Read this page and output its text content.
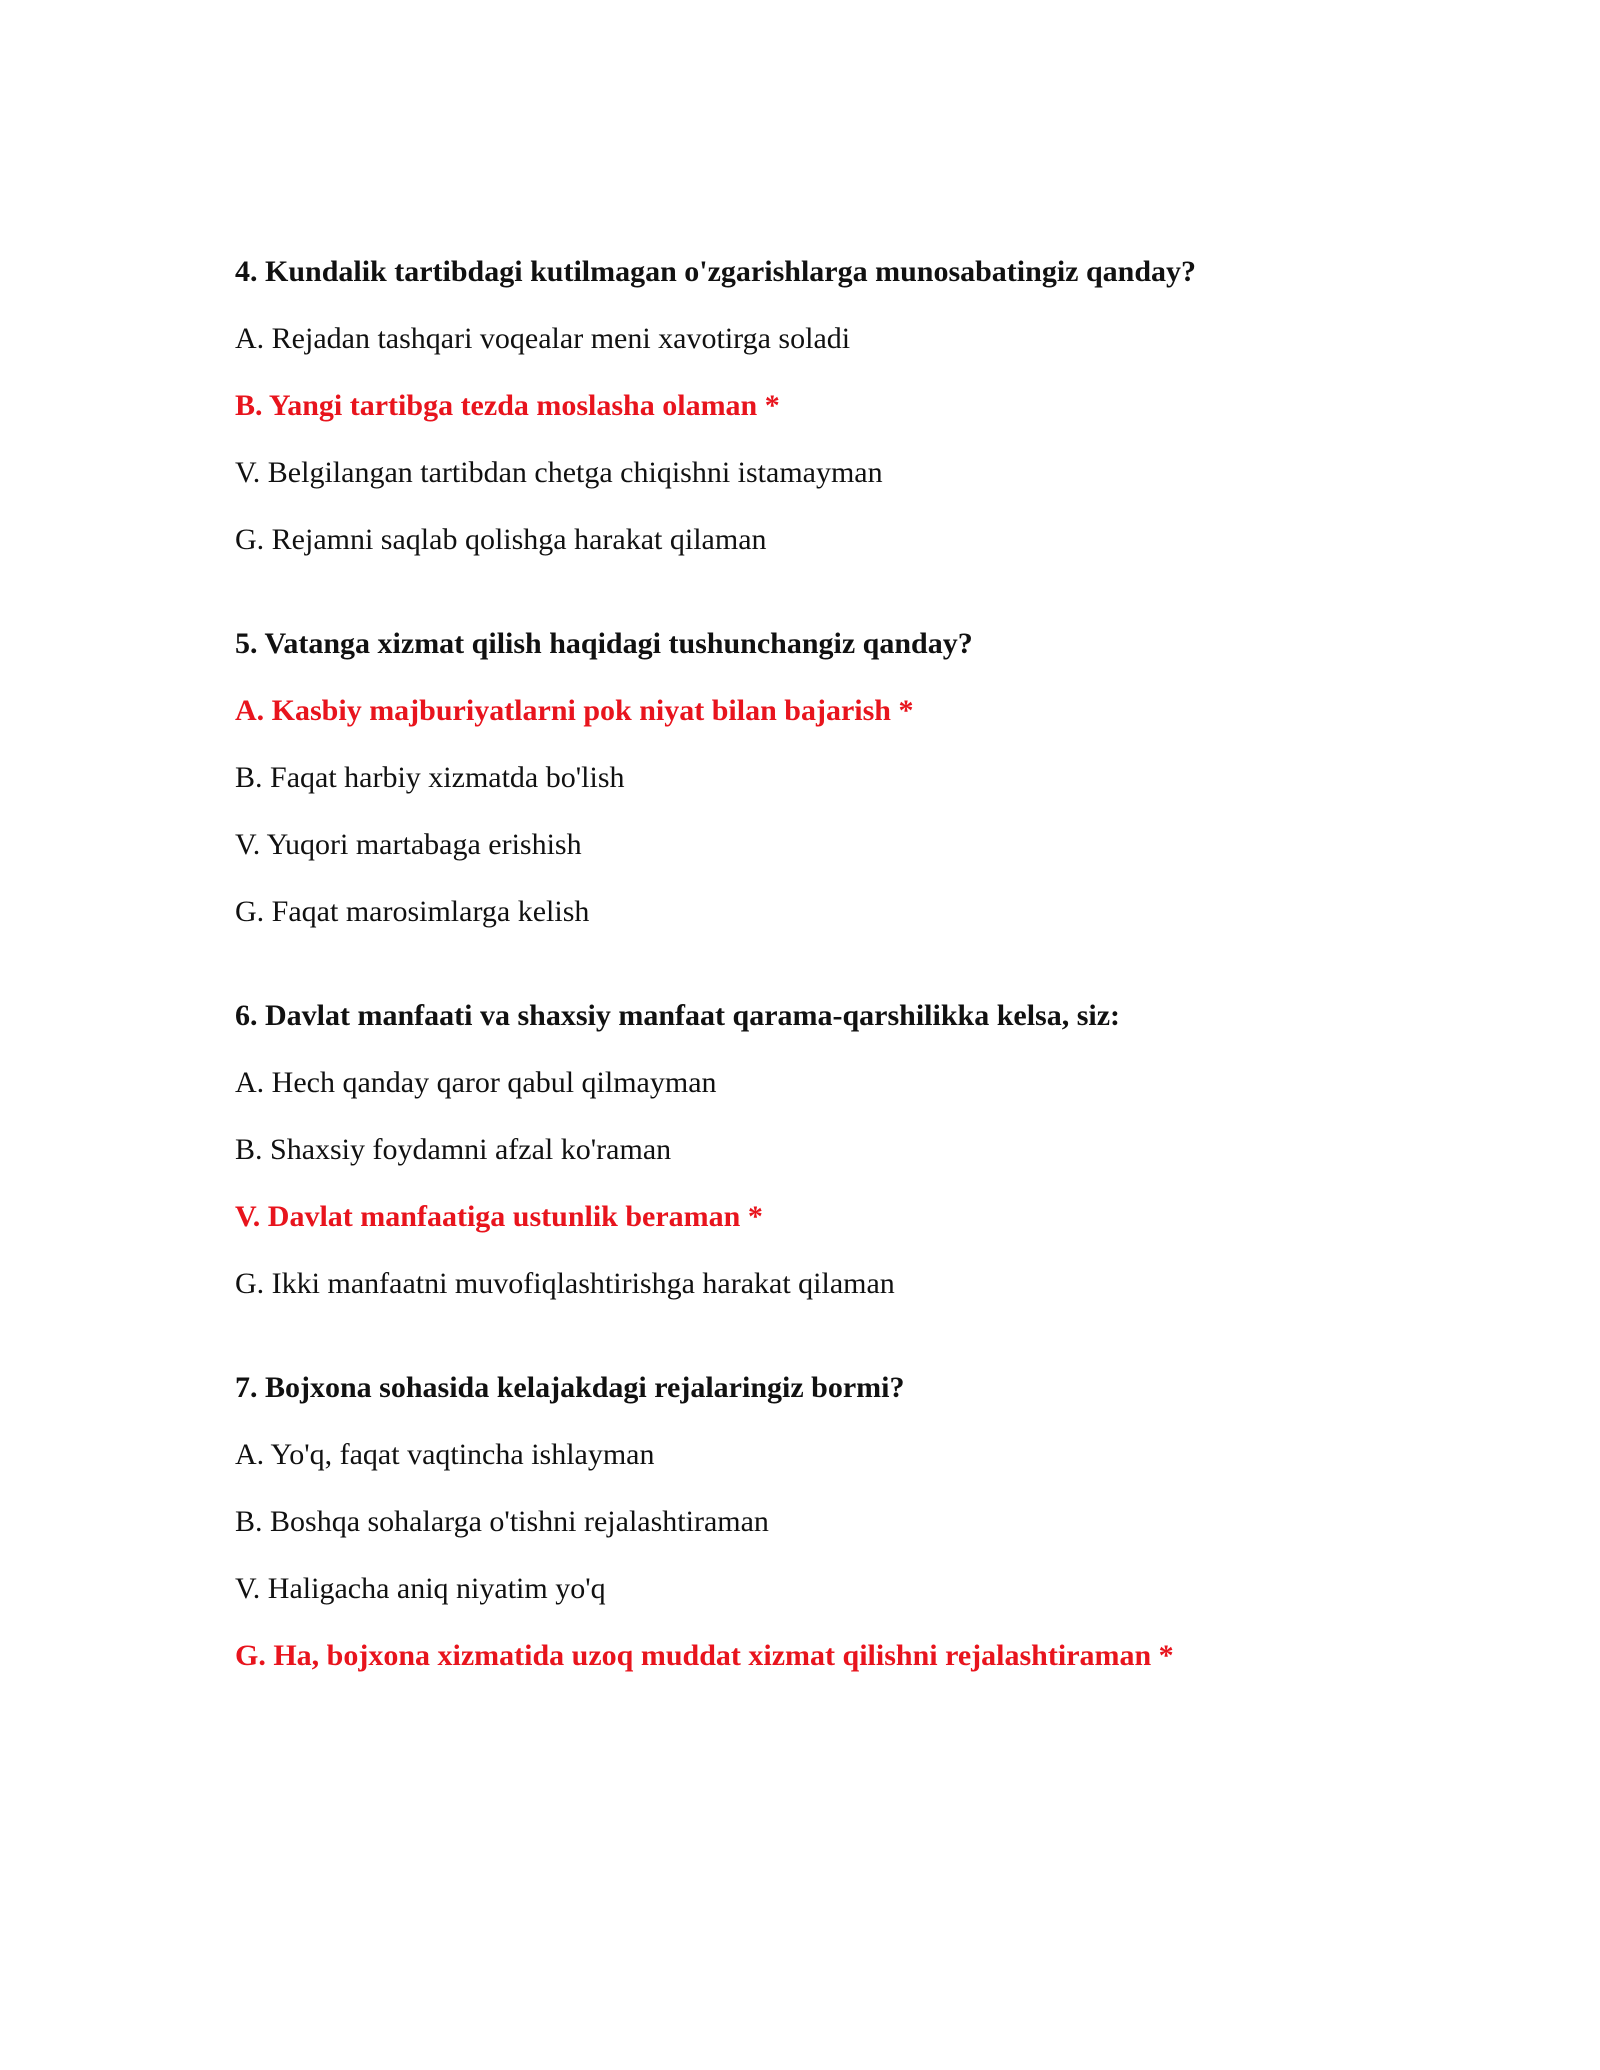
4. Kundalik tartibdagi kutilmagan o'zgarishlarga munosabatingiz qanday?
A. Rejadan tashqari voqealar meni xavotirga soladi
B. Yangi tartibga tezda moslasha olaman *
V. Belgilangan tartibdan chetga chiqishni istamayman
G. Rejamni saqlab qolishga harakat qilaman
5. Vatanga xizmat qilish haqidagi tushunchangiz qanday?
A. Kasbiy majburiyatlarni pok niyat bilan bajarish *
B. Faqat harbiy xizmatda bo'lish
V. Yuqori martabaga erishish
G. Faqat marosimlarga kelish
6. Davlat manfaati va shaxsiy manfaat qarama-qarshilikka kelsa, siz:
A. Hech qanday qaror qabul qilmayman
B. Shaxsiy foydamni afzal ko'raman
V. Davlat manfaatiga ustunlik beraman *
G. Ikki manfaatni muvofiqlashtirishga harakat qilaman
7. Bojxona sohasida kelajakdagi rejalaringiz bormi?
A. Yo'q, faqat vaqtincha ishlayman
B. Boshqa sohalarga o'tishni rejalashtiraman
V. Haligacha aniq niyatim yo'q
G. Ha, bojxona xizmatida uzoq muddat xizmat qilishni rejalashtiraman *
